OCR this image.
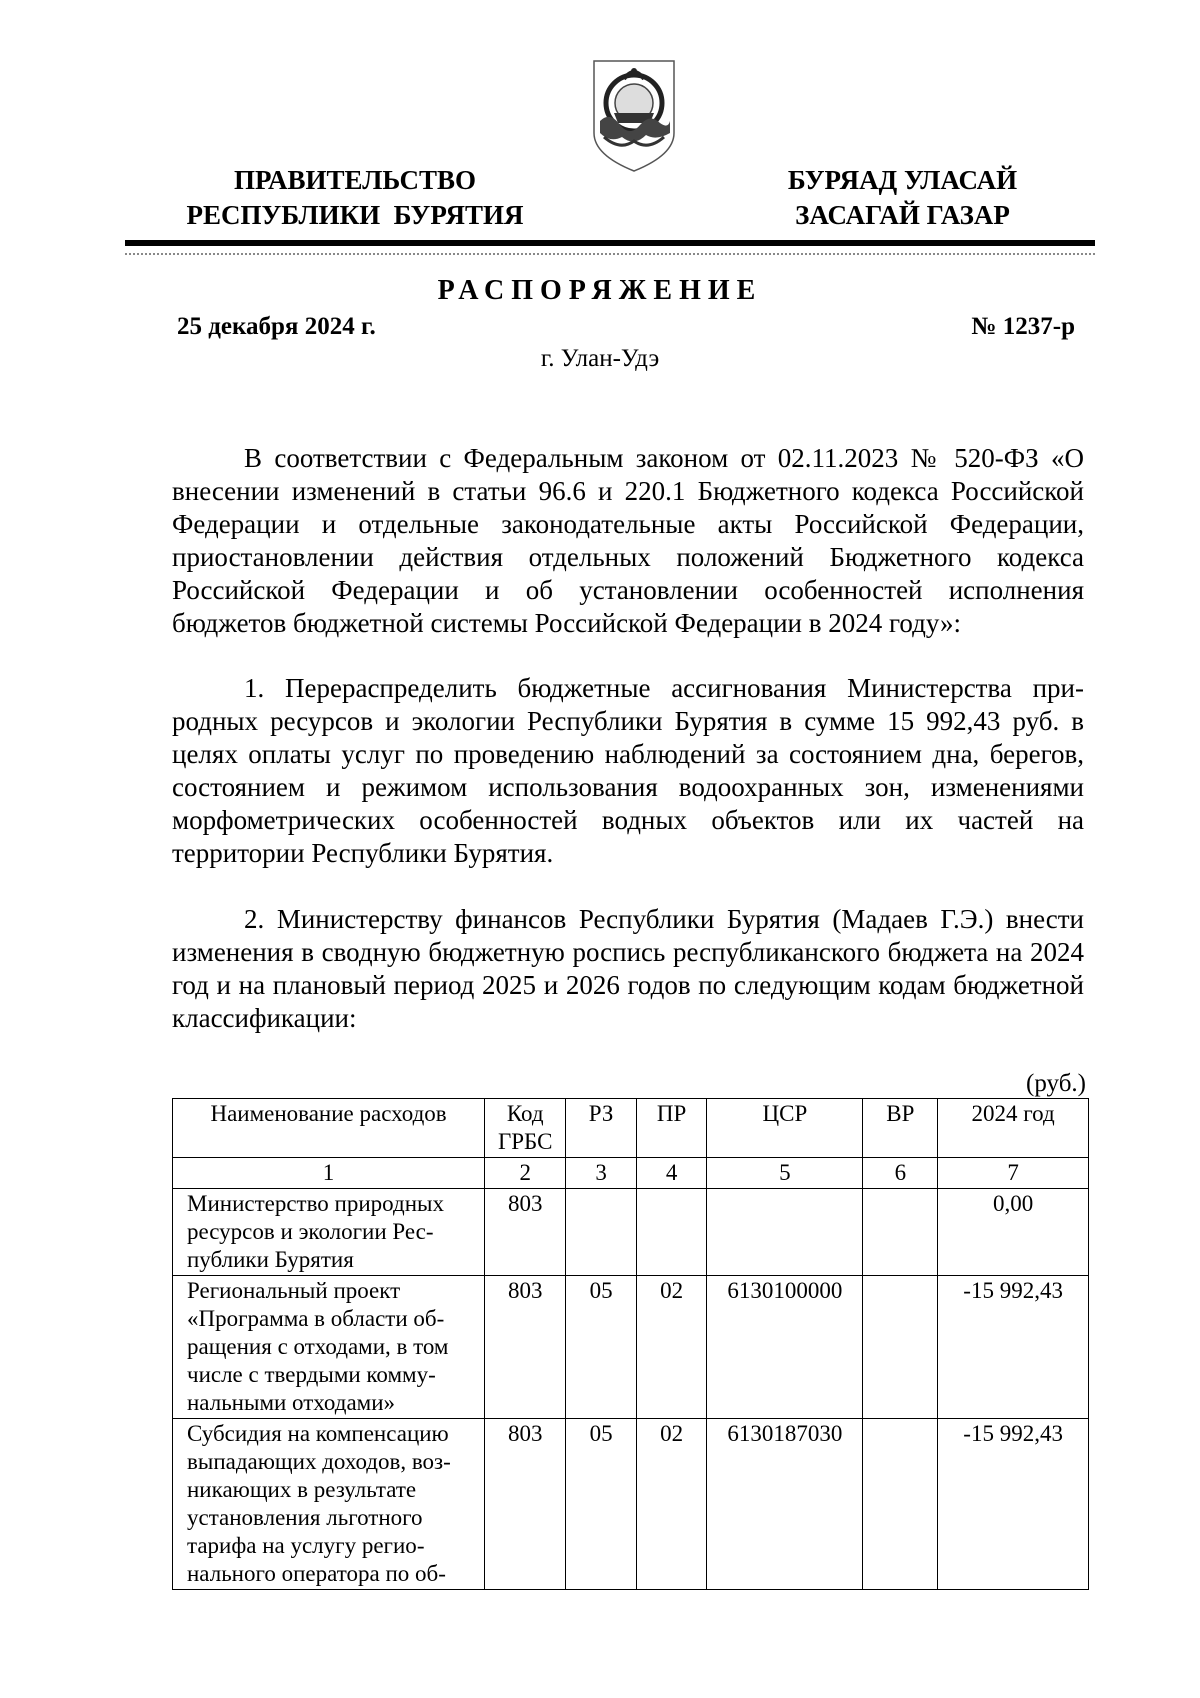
ПРАВИТЕЛЬСТВО
РЕСПУБЛИКИ  БУРЯТИЯ
БУРЯАД УЛАСАЙ
ЗАСАГАЙ ГАЗАР
РАСПОРЯЖЕНИЕ
25 декабря 2024 г.	№ 1237-р
г. Улан-Удэ

В соответствии с Федеральным законом от 02.11.2023 № 520-ФЗ «О внесении изменений в статьи 96.6 и 220.1 Бюджетного кодекса Российской Федерации и отдельные законодательные акты Российской Федерации, приостановлении действия отдельных положений Бюджетного кодекса Российской Федерации и об установлении особенностей исполнения бюджетов бюджетной системы Российской Федерации в 2024 году»:

1. Перераспределить бюджетные ассигнования Министерства природных ресурсов и экологии Республики Бурятия в сумме 15 992,43 руб. в целях оплаты услуг по проведению наблюдений за состоянием дна, берегов, состоянием и режимом использования водоохранных зон, изменениями морфометрических особенностей водных объектов или их частей на территории Республики Бурятия.

2. Министерству финансов Республики Бурятия (Мадаев Г.Э.) внести изменения в сводную бюджетную роспись республиканского бюджета на 2024 год и на плановый период 2025 и 2026 годов по следующим кодам бюджетной классификации:

(руб.)
Наименование расходов	Код ГРБС	РЗ	ПР	ЦСР	ВР	2024 год
1	2	3	4	5	6	7
Министерство природных ресурсов и экологии Республики Бурятия	803					0,00
Региональный проект «Программа в области обращения с отходами, в том числе с твердыми коммунальными отходами»	803	05	02	6130100000		-15 992,43
Субсидия на компенсацию выпадающих доходов, возникающих в результате установления льготного тарифа на услугу регионального оператора по об-	803	05	02	6130187030		-15 992,43
